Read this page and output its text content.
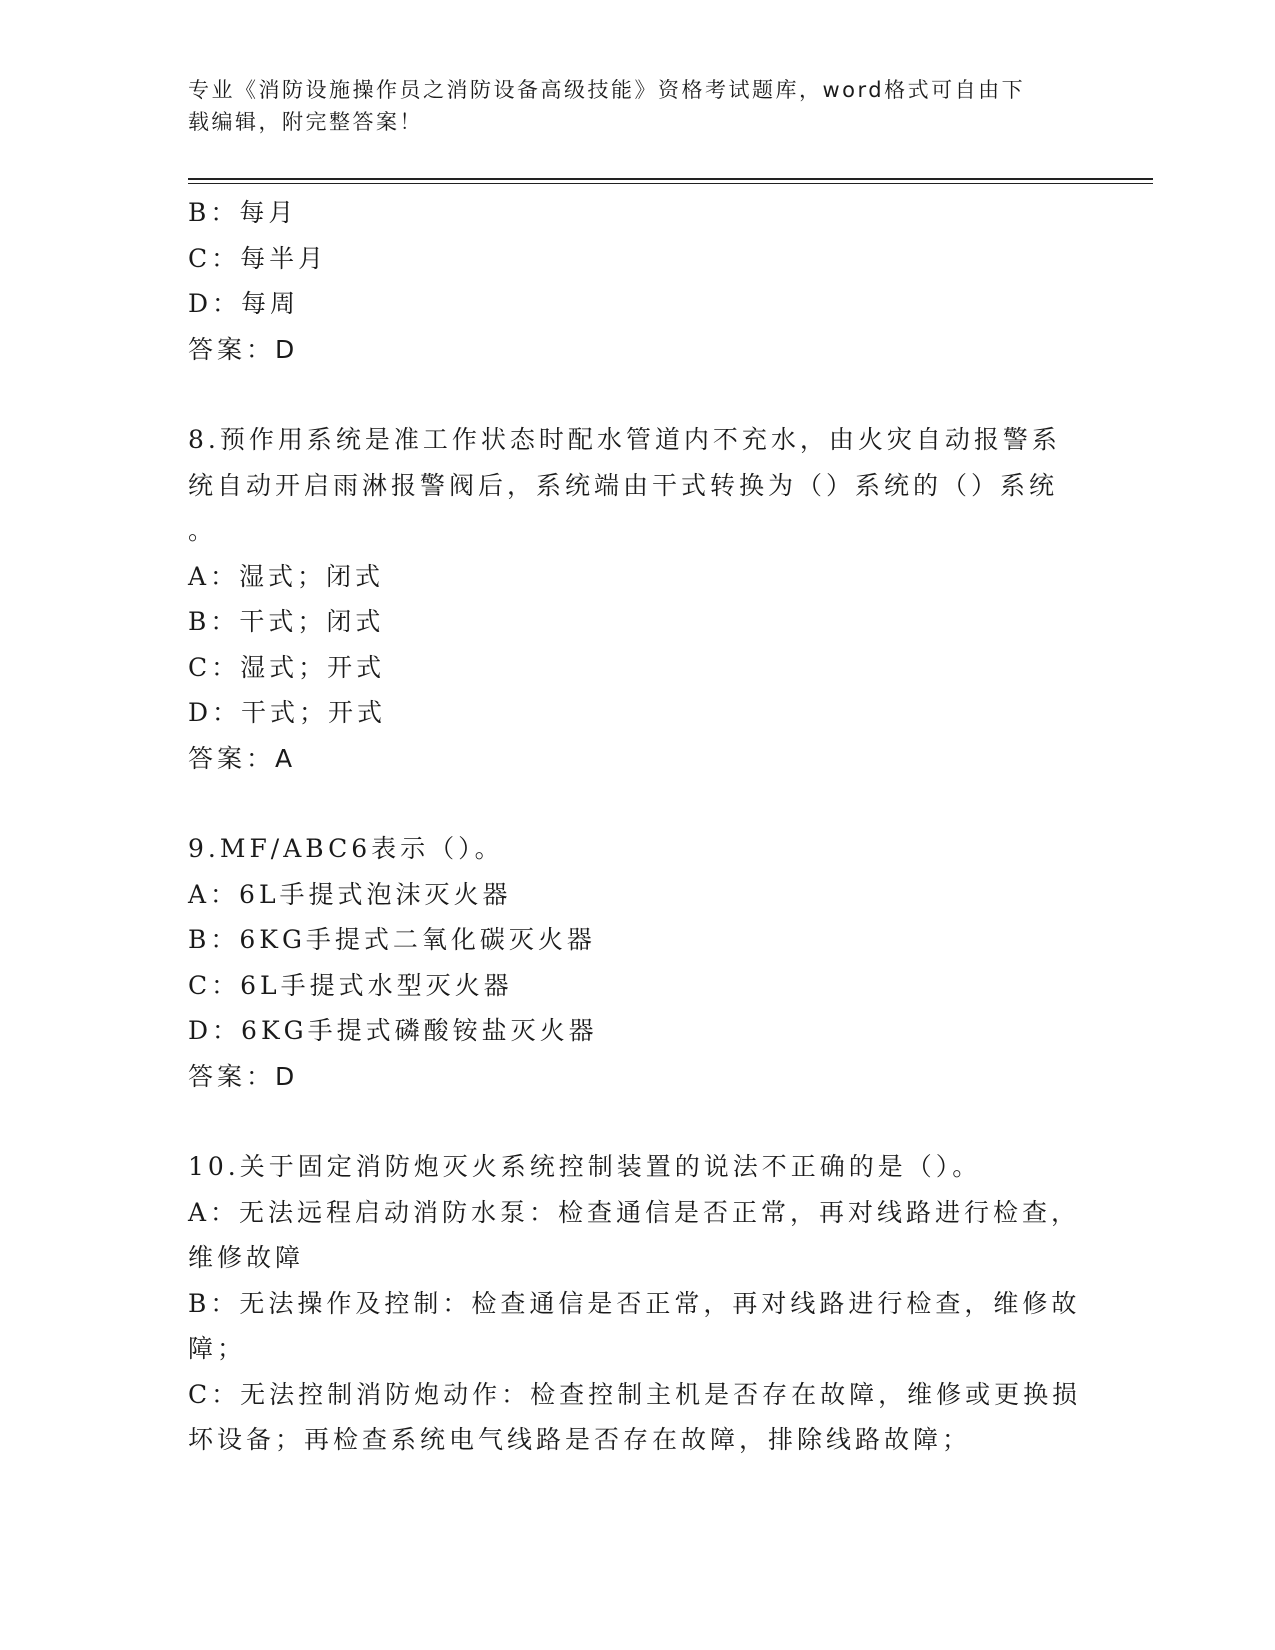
专业《消防设施操作员之消防设备高级技能》资格考试题库，word格式可自由下
载编辑，附完整答案！

B：每月

C：每半月

D：每周

答案：D

8.预作用系统是准工作状态时配水管道内不充水，由火灾自动报警系

统自动开启雨淋报警阀后，系统端由干式转换为（）系统的（）系统

。

A：湿式；闭式

B：干式；闭式

C：湿式；开式

D：干式；开式

答案：A

9.MF/ABC6表示（）。

A：6L手提式泡沫灭火器

B：6KG手提式二氧化碳灭火器

C：6L手提式水型灭火器

D：6KG手提式磷酸铵盐灭火器

答案：D

10.关于固定消防炮灭火系统控制装置的说法不正确的是（）。

A：无法远程启动消防水泵：检查通信是否正常，再对线路进行检查，

维修故障

B：无法操作及控制：检查通信是否正常，再对线路进行检查，维修故

障；

C：无法控制消防炮动作：检查控制主机是否存在故障，维修或更换损

坏设备；再检查系统电气线路是否存在故障，排除线路故障；
